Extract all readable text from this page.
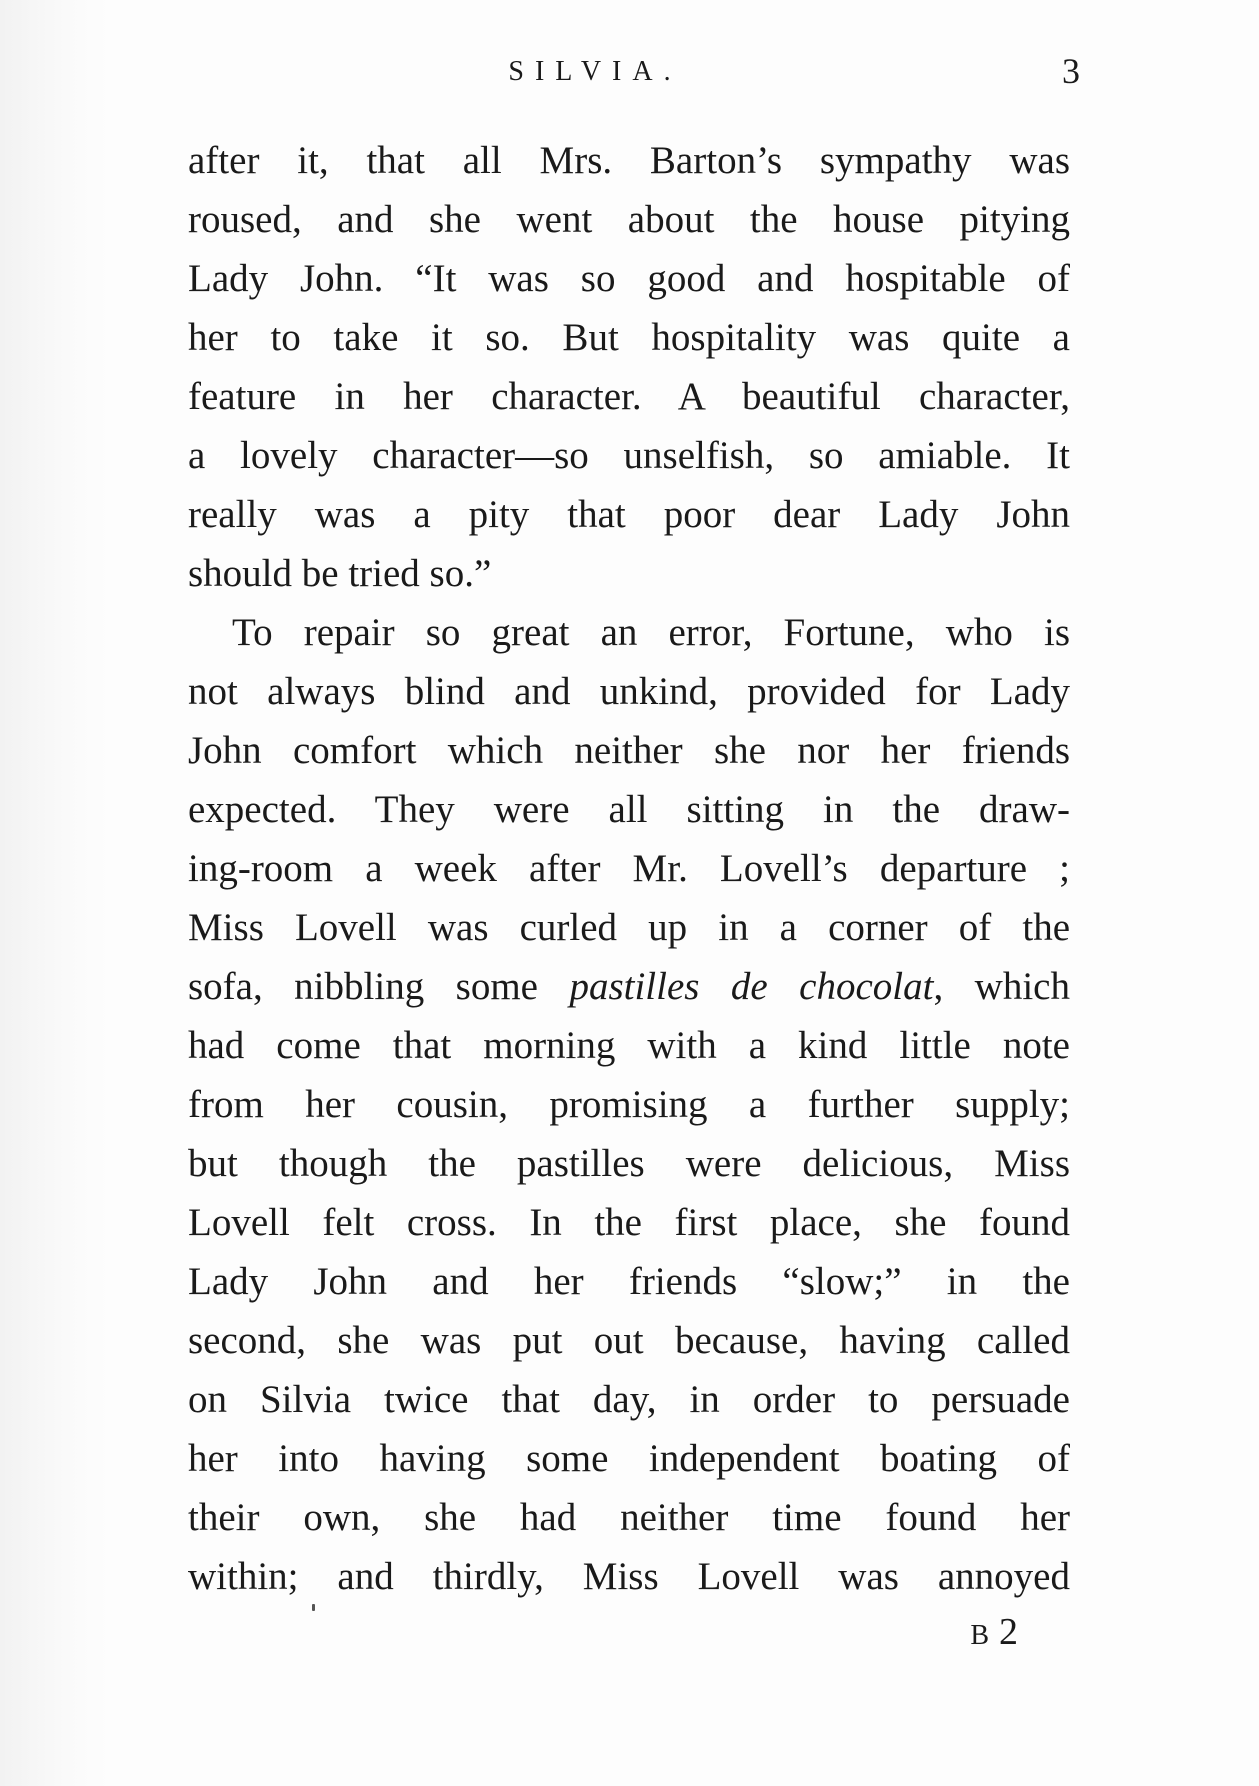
SILVIA.	3
after it, that all Mrs. Barton’s sympathy was
roused, and she went about the house pitying
Lady John. “It was so good and hospitable of
her to take it so. But hospitality was quite a
feature in her character. A beautiful character,
a lovely character—so unselfish, so amiable. It
really was a pity that poor dear Lady John
should be tried so.”
To repair so great an error, Fortune, who is
not always blind and unkind, provided for Lady
John comfort which neither she nor her friends
expected. They were all sitting in the draw-
ing-room a week after Mr. Lovell’s departure ;
Miss Lovell was curled up in a corner of the
sofa, nibbling some pastilles de chocolat, which
had come that morning with a kind little note
from her cousin, promising a further supply;
but though the pastilles were delicious, Miss
Lovell felt cross. In the first place, she found
Lady John and her friends “slow;” in the
second, she was put out because, having called
on Silvia twice that day, in order to persuade
her into having some independent boating of
their own, she had neither time found her
within; and thirdly, Miss Lovell was annoyed
B 2
